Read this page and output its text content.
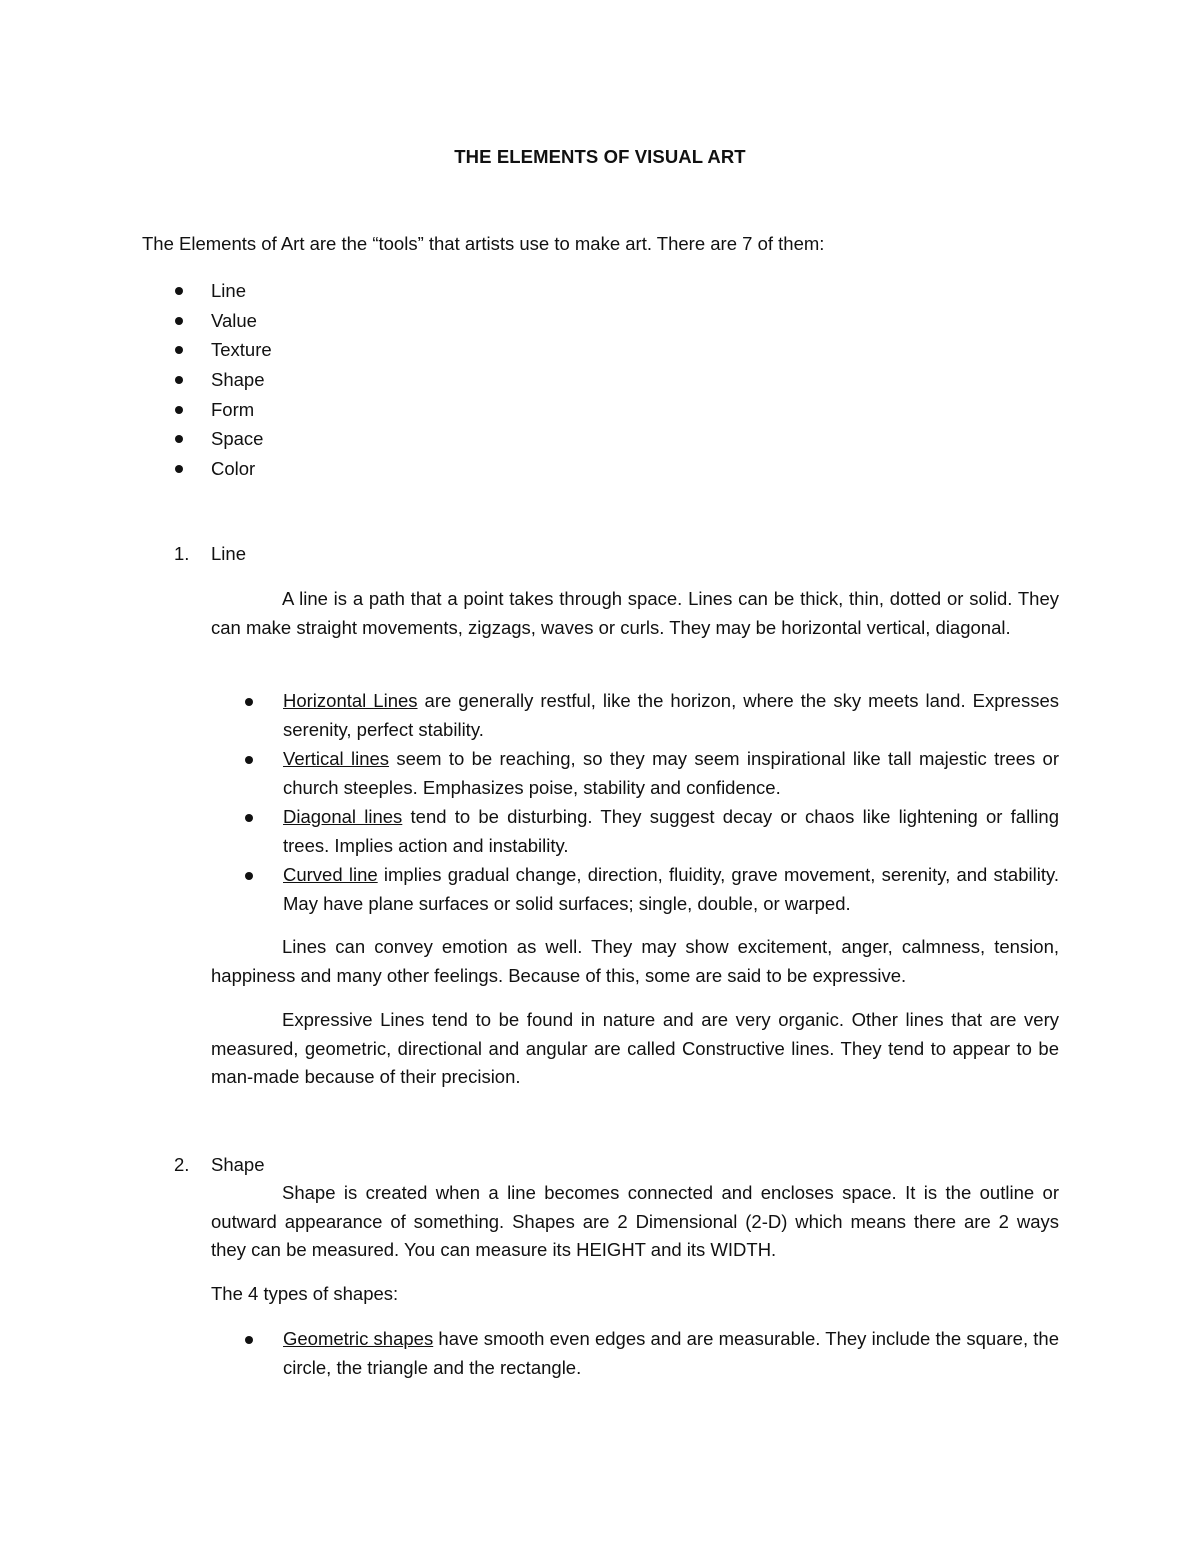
THE ELEMENTS OF VISUAL ART
The Elements of Art are the “tools” that artists use to make art. There are 7 of them:
Line
Value
Texture
Shape
Form
Space
Color
1. Line

A line is a path that a point takes through space. Lines can be thick, thin, dotted or solid. They can make straight movements, zigzags, waves or curls. They may be horizontal vertical, diagonal.

Horizontal Lines are generally restful, like the horizon, where the sky meets land. Expresses serenity, perfect stability.
Vertical lines seem to be reaching, so they may seem inspirational like tall majestic trees or church steeples. Emphasizes poise, stability and confidence.
Diagonal lines tend to be disturbing. They suggest decay or chaos like lightening or falling trees. Implies action and instability.
Curved line implies gradual change, direction, fluidity, grave movement, serenity, and stability. May have plane surfaces or solid surfaces; single, double, or warped.

Lines can convey emotion as well. They may show excitement, anger, calmness, tension, happiness and many other feelings. Because of this, some are said to be expressive.

Expressive Lines tend to be found in nature and are very organic. Other lines that are very measured, geometric, directional and angular are called Constructive lines. They tend to appear to be man-made because of their precision.

2. Shape

Shape is created when a line becomes connected and encloses space. It is the outline or outward appearance of something. Shapes are 2 Dimensional (2-D) which means there are 2 ways they can be measured. You can measure its HEIGHT and its WIDTH.

The 4 types of shapes:
Geometric shapes have smooth even edges and are measurable. They include the square, the circle, the triangle and the rectangle.
